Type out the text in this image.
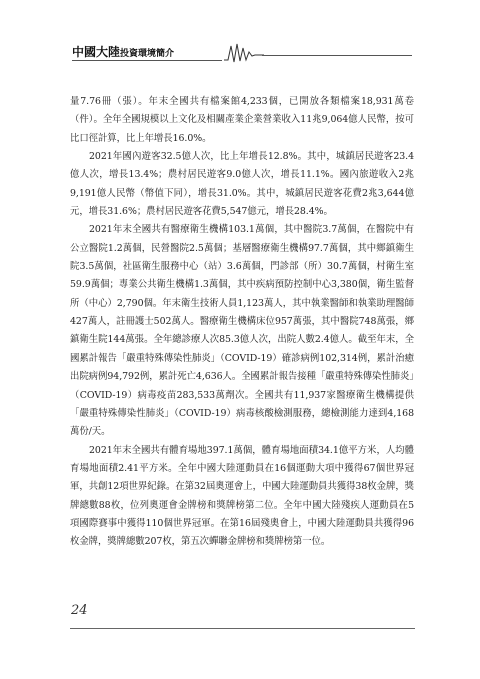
中國大陸投資環境簡介

量7.76冊（張）。年末全國共有檔案館4,233個，已開放各類檔案18,931萬卷（件）。全年全國規模以上文化及相關產業企業營業收入11兆9,064億人民幣，按可比口徑計算，比上年增長16.0%。

2021年國內遊客32.5億人次，比上年增長12.8%。其中，城鎮居民遊客23.4億人次，增長13.4%；農村居民遊客9.0億人次，增長11.1%。國內旅遊收入2兆9,191億人民幣（幣值下同），增長31.0%。其中，城鎮居民遊客花費2兆3,644億元，增長31.6%；農村居民遊客花費5,547億元，增長28.4%。

2021年末全國共有醫療衛生機構103.1萬個，其中醫院3.7萬個，在醫院中有公立醫院1.2萬個，民營醫院2.5萬個；基層醫療衛生機構97.7萬個，其中鄉鎮衛生院3.5萬個，社區衛生服務中心（站）3.6萬個，門診部（所）30.7萬個，村衛生室59.9萬個；專業公共衛生機構1.3萬個，其中疾病預防控制中心3,380個，衛生監督所（中心）2,790個。年末衛生技術人員1,123萬人，其中執業醫師和執業助理醫師427萬人，註冊護士502萬人。醫療衛生機構床位957萬張，其中醫院748萬張，鄉鎮衛生院144萬張。全年總診療人次85.3億人次，出院人數2.4億人。截至年末，全國累計報告「嚴重特殊傳染性肺炎」（COVID-19）確診病例102,314例，累計治癒出院病例94,792例，累計死亡4,636人。全國累計報告接種「嚴重特殊傳染性肺炎」（COVID-19）病毒疫苗283,533萬劑次。全國共有11,937家醫療衛生機構提供「嚴重特殊傳染性肺炎」（COVID-19）病毒核酸檢測服務，總檢測能力達到4,168萬份/天。

2021年末全國共有體育場地397.1萬個，體育場地面積34.1億平方米，人均體育場地面積2.41平方米。全年中國大陸運動員在16個運動大項中獲得67個世界冠軍，共創12項世界紀錄。在第32屆奧運會上，中國大陸運動員共獲得38枚金牌，獎牌總數88枚，位列奧運會金牌榜和獎牌榜第二位。全年中國大陸殘疾人運動員在5項國際賽事中獲得110個世界冠軍。在第16屆殘奧會上，中國大陸運動員共獲得96枚金牌，獎牌總數207枚，第五次蟬聯金牌榜和獎牌榜第一位。

24
